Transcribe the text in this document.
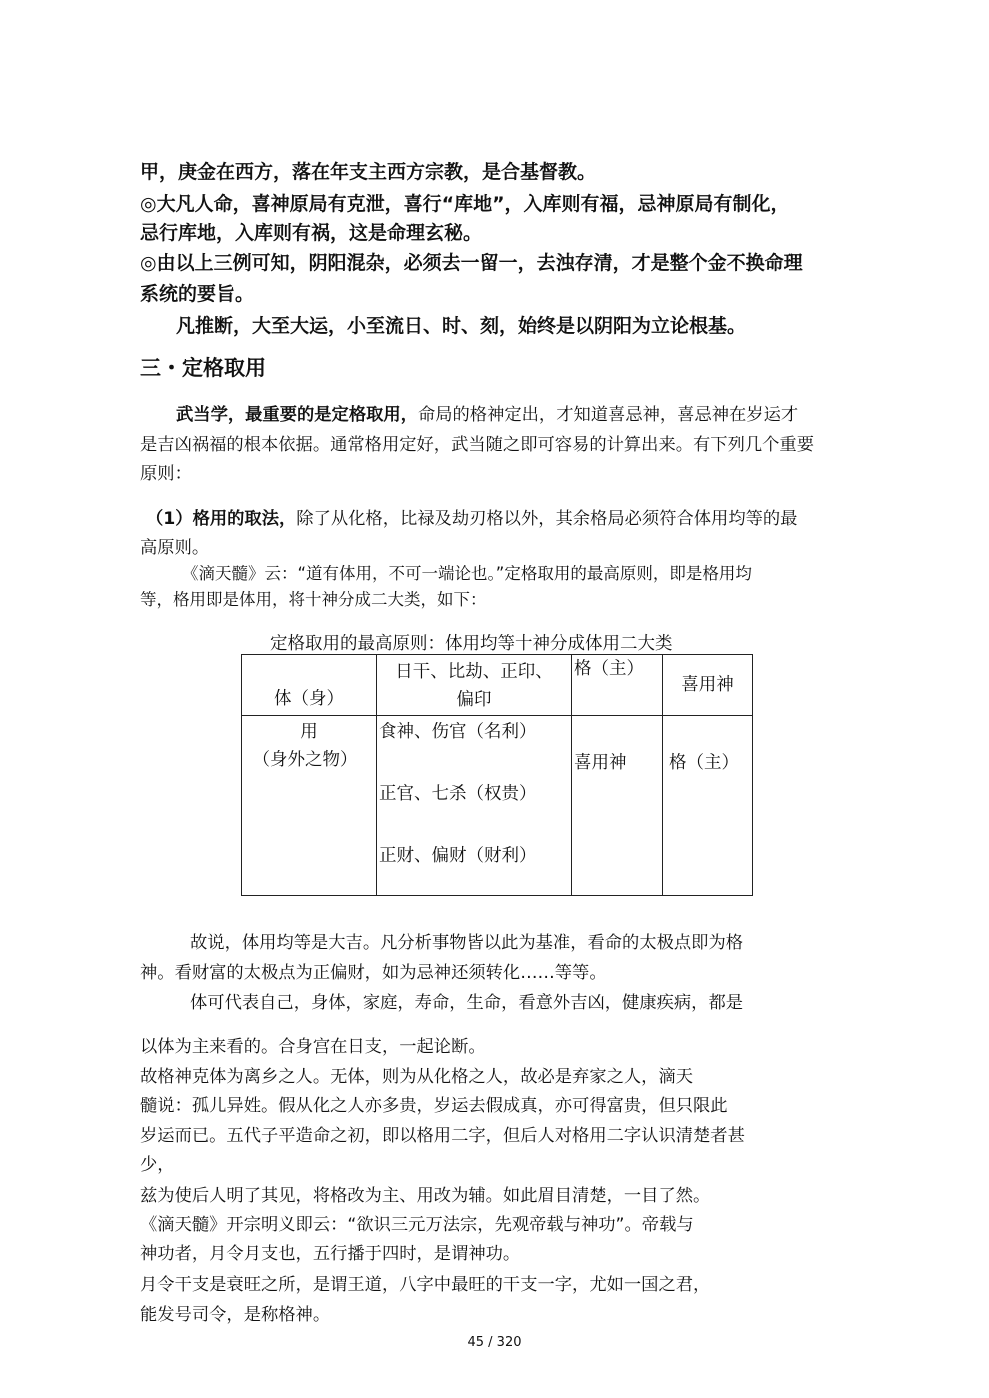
甲，庚金在西方，落在年支主西方宗教，是合基督教。

◎大凡人命，喜神原局有克泄，喜行“库地”，入库则有福，忌神原局有制化，

忌行库地，入库则有祸，这是命理玄秘。

◎由以上三例可知，阴阳混杂，必须去一留一，去浊存清，才是整个金不换命理

系统的要旨。

凡推断，大至大运，小至流日、时、刻，始终是以阴阳为立论根基。

三・定格取用

武当学，最重要的是定格取用，命局的格神定出，才知道喜忌神，喜忌神在岁运才

是吉凶祸福的根本依据。通常格用定好，武当随之即可容易的计算出来。有下列几个重要

原则：

（1）格用的取法，除了从化格，比禄及劫刃格以外，其余格局必须符合体用均等的最

高原则。

《滴天髓》云：“道有体用，不可一端论也。”定格取用的最高原则，即是格用均

等，格用即是体用，将十神分成二大类，如下：

定格取用的最高原则：体用均等十神分成体用二大类

体（身）	日干、比劫、正印、
偏印	格（主）	喜用神

用
（身外之物）	食神、伤官（名利）
正官、七杀（权贵）
正财、偏财（财利）	喜用神	格（主）

故说，体用均等是大吉。凡分析事物皆以此为基准，看命的太极点即为格

神。看财富的太极点为正偏财，如为忌神还须转化……等等。

体可代表自己，身体，家庭，寿命，生命，看意外吉凶，健康疾病，都是

以体为主来看的。合身宫在日支，一起论断。

故格神克体为离乡之人。无体，则为从化格之人，故必是弃家之人，滴天

髓说：孤儿异姓。假从化之人亦多贵，岁运去假成真，亦可得富贵，但只限此

岁运而已。五代子平造命之初，即以格用二字，但后人对格用二字认识清楚者甚

少，

兹为使后人明了其见，将格改为主、用改为辅。如此眉目清楚，一目了然。

《滴天髓》开宗明义即云：“欲识三元万法宗，先观帝载与神功”。帝载与

神功者，月令月支也，五行播于四时，是谓神功。

月令干支是衰旺之所，是谓王道，八字中最旺的干支一字，尤如一国之君，

能发号司令，是称格神。

45 / 320
